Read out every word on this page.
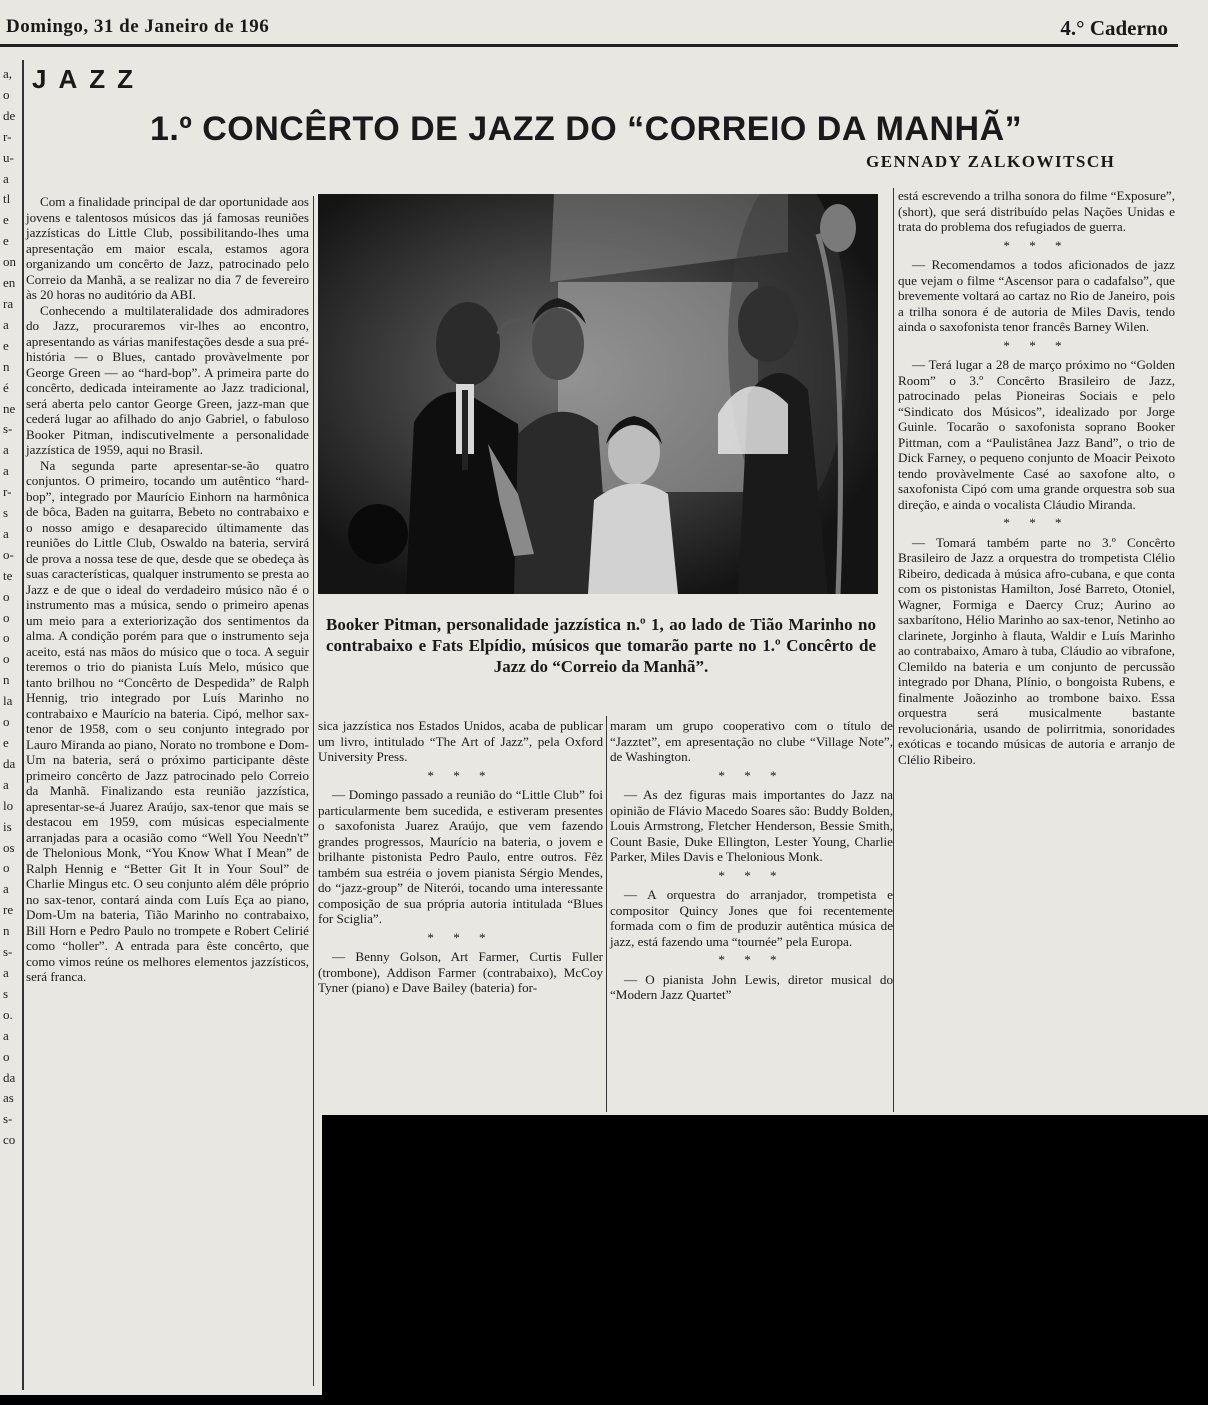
Domingo, 31 de Janeiro de 196	4.° Caderno
a,
o
de
r-
u-
a
tl
e
e
on
en
ra
a
e
n
é
ne
s-
a
a
r-
s
a
o-
te
o
o
o
o
n
la
o
e
da
a
lo
is
os
o
a
re
n
s-
a
s
o.
a
o
da
as
s-
co
JAZZ
1.º CONCÊRTO DE JAZZ DO “CORREIO DA MANHÃ”
GENNADY ZALKOWITSCH

Com a finalidade principal de dar oportunidade aos jovens e talentosos músicos das já famosas reuniões jazzísticas do Little Club, possibilitando-lhes uma apresentação em maior escala, estamos agora organizando um concêrto de Jazz, patrocinado pelo Correio da Manhã, a se realizar no dia 7 de fevereiro às 20 horas no auditório da ABI.

Conhecendo a multilateralidade dos admiradores do Jazz, procuraremos vir-lhes ao encontro, apresentando as várias manifestações desde a sua pré-história — o Blues, cantado provàvelmente por George Green — ao “hard-bop”. A primeira parte do concêrto, dedicada inteiramente ao Jazz tradicional, será aberta pelo cantor George Green, jazz-man que cederá lugar ao afilhado do anjo Gabriel, o fabuloso Booker Pitman, indiscutivelmente a personalidade jazzística de 1959, aqui no Brasil.

Na segunda parte apresentar-se-ão quatro conjuntos. O primeiro, tocando um autêntico “hard-bop”, integrado por Maurício Einhorn na harmônica de bôca, Baden na guitarra, Bebeto no contrabaixo e o nosso amigo e desaparecido últimamente das reuniões do Little Club, Oswaldo na bateria, servirá de prova a nossa tese de que, desde que se obedeça às suas características, qualquer instrumento se presta ao Jazz e de que o ideal do verdadeiro músico não é o instrumento mas a música, sendo o primeiro apenas um meio para a exteriorização dos sentimentos da alma. A condição porém para que o instrumento seja aceito, está nas mãos do músico que o toca. A seguir teremos o trio do pianista Luís Melo, músico que tanto brilhou no “Concêrto de Despedida” de Ralph Hennig, trio integrado por Luís Marinho no contrabaixo e Maurício na bateria. Cipó, melhor sax-tenor de 1958, com o seu conjunto integrado por Lauro Miranda ao piano, Norato no trombone e Dom-Um na bateria, será o próximo participante dêste primeiro concêrto de Jazz patrocinado pelo Correio da Manhã. Finalizando esta reunião jazzística, apresentar-se-á Juarez Araújo, sax-tenor que mais se destacou em 1959, com músicas especialmente arranjadas para a ocasião como “Well You Needn't” de Thelonious Monk, “You Know What I Mean” de Ralph Hennig e “Better Git It in Your Soul” de Charlie Mingus etc. O seu conjunto além dêle próprio no sax-tenor, contará ainda com Luís Eça ao piano, Dom-Um na bateria, Tião Marinho no contrabaixo, Bill Horn e Pedro Paulo no trompete e Robert Celirié como “holler”. A entrada para êste concêrto, que como vimos reúne os melhores elementos jazzísticos, será franca.

Booker Pitman, personalidade jazzística n.º 1, ao lado de Tião Marinho no contrabaixo e Fats Elpídio, músicos que tomarão parte no 1.º Concêrto de Jazz do “Correio da Manhã”.

sica jazzística nos Estados Unidos, acaba de publicar um livro, intitulado “The Art of Jazz”, pela Oxford University Press.

* * *

— Domingo passado a reunião do “Little Club” foi particularmente bem sucedida, e estiveram presentes o saxofonista Juarez Araújo, que vem fazendo grandes progressos, Maurício na bateria, o jovem e brilhante pistonista Pedro Paulo, entre outros. Fêz também sua estréia o jovem pianista Sérgio Mendes, do “jazz-group” de Niterói, tocando uma interessante composição de sua própria autoria intitulada “Blues for Sciglia”.

* * *

— Benny Golson, Art Farmer, Curtis Fuller (trombone), Addison Farmer (contrabaixo), McCoy Tyner (piano) e Dave Bailey (bateria) for-

maram um grupo cooperativo com o título de “Jazztet”, em apresentação no clube “Village Note”, de Washington.

* * *

— As dez figuras mais importantes do Jazz na opinião de Flávio Macedo Soares são: Buddy Bolden, Louis Armstrong, Fletcher Henderson, Bessie Smith, Count Basie, Duke Ellington, Lester Young, Charlie Parker, Miles Davis e Thelonious Monk.

* * *

— A orquestra do arranjador, trompetista e compositor Quincy Jones que foi recentemente formada com o fim de produzir autêntica música de jazz, está fazendo uma “tournée” pela Europa.

* * *

— O pianista John Lewis, diretor musical do “Modern Jazz Quartet”

está escrevendo a trilha sonora do filme “Exposure”, (short), que será distribuído pelas Nações Unidas e trata do problema dos refugiados de guerra.

* * *

— Recomendamos a todos aficionados de jazz que vejam o filme “Ascensor para o cadafalso”, que brevemente voltará ao cartaz no Rio de Janeiro, pois a trilha sonora é de autoria de Miles Davis, tendo ainda o saxofonista tenor francês Barney Wilen.

* * *

— Terá lugar a 28 de março próximo no “Golden Room” o 3.º Concêrto Brasileiro de Jazz, patrocinado pelas Pioneiras Sociais e pelo “Sindicato dos Músicos”, idealizado por Jorge Guinle. Tocarão o saxofonista soprano Booker Pittman, com a “Paulistânea Jazz Band”, o trio de Dick Farney, o pequeno conjunto de Moacir Peixoto tendo provàvelmente Casé ao saxofone alto, o saxofonista Cipó com uma grande orquestra sob sua direção, e ainda o vocalista Cláudio Miranda.

* * *

— Tomará também parte no 3.º Concêrto Brasileiro de Jazz a orquestra do trompetista Clélio Ribeiro, dedicada à música afro-cubana, e que conta com os pistonistas Hamilton, José Barreto, Otoniel, Wagner, Formiga e Daercy Cruz; Aurino ao saxbarítono, Hélio Marinho ao sax-tenor, Netinho ao clarinete, Jorginho à flauta, Waldir e Luís Marinho ao contrabaixo, Amaro à tuba, Cláudio ao vibrafone, Clemildo na bateria e um conjunto de percussão integrado por Dhana, Plínio, o bongoista Rubens, e finalmente Joãozinho ao trombone baixo. Essa orquestra será musicalmente bastante revolucionária, usando de polirritmia, sonoridades exóticas e tocando músicas de autoria e arranjo de Clélio Ribeiro.
